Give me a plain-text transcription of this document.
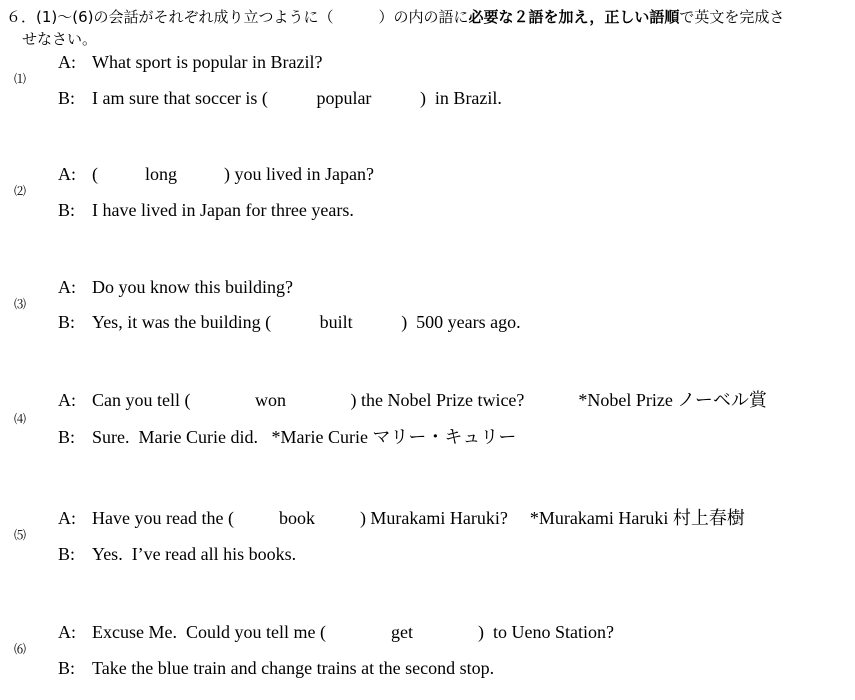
６．(1)～(6)の会話がそれぞれ成り立つように（　　　）の内の語に必要な２語を加え，正しい語順で英文を完成さ
せなさい。
⑴
A: What sport is popular in Brazil?
B: I am sure that soccer is (	popular	)  in Brazil.
⑵
A: (	long	) you lived in Japan?
B: I have lived in Japan for three years.
⑶
A: Do you know this building?
B: Yes, it was the building (	built	)  500 years ago.
⑷
A: Can you tell (	won	) the Nobel Prize twice?	*Nobel Prize ノーベル賞
B: Sure.  Marie Curie did.   *Marie Curie マリー・キュリー
⑸
A: Have you read the (	book	) Murakami Haruki? *Murakami Haruki 村上春樹
B: Yes.  I’ve read all his books.
⑹
A: Excuse Me.  Could you tell me (	get	)  to Ueno Station?
B: Take the blue train and change trains at the second stop.
